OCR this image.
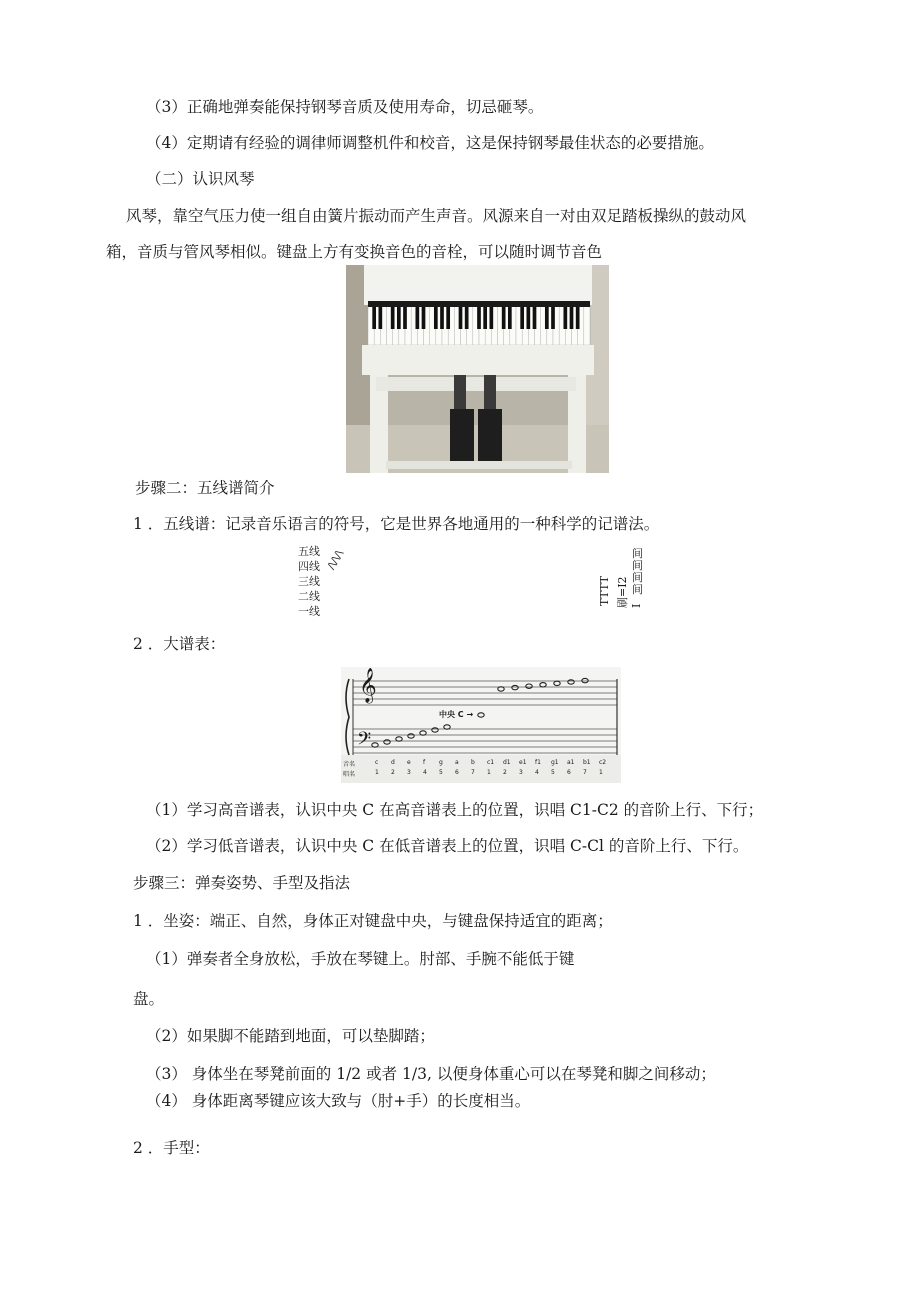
（3）正确地弹奏能保持钢琴音质及使用寿命，切忌砸琴。
（4）定期请有经验的调律师调整机件和校音，这是保持钢琴最佳状态的必要措施。
（二）认识风琴
风琴，靠空气压力使一组自由簧片振动而产生声音。风源来自一对由双足踏板操纵的鼓动风
箱，音质与管风琴相似。键盘上方有变换音色的音栓，可以随时调节音色
步骤二：五线谱简介
1 ．五线谱：记录音乐语言的符号，它是世界各地通用的一种科学的记谱法。
五线
四线
三线
二线
一线
/\/\/\	间
间
间
间
TTTT 刷=I2 I
2 ．大谱表：
𝄞
𝄢
中央 C →
音名	c d e f g a b c1 d1 e1 f1 g1 a1 b1 c2
唱名	1 2 3 4 5 6 7 1 2 3 4 5 6 7 1
（1）学习高音谱表，认识中央 C 在高音谱表上的位置，识唱 C1-C2 的音阶上行、下行；
（2）学习低音谱表，认识中央 C 在低音谱表上的位置，识唱 C-Cl 的音阶上行、下行。
步骤三：弹奏姿势、手型及指法
1 ．坐姿：端正、自然，身体正对键盘中央，与键盘保持适宜的距离；
（1）弹奏者全身放松，手放在琴键上。肘部、手腕不能低于键
盘。
（2）如果脚不能踏到地面，可以垫脚踏；
（3） 身体坐在琴凳前面的 1/2 或者 1/3, 以便身体重心可以在琴凳和脚之间移动；
（4） 身体距离琴键应该大致与（肘+手）的长度相当。
2 ．手型：
